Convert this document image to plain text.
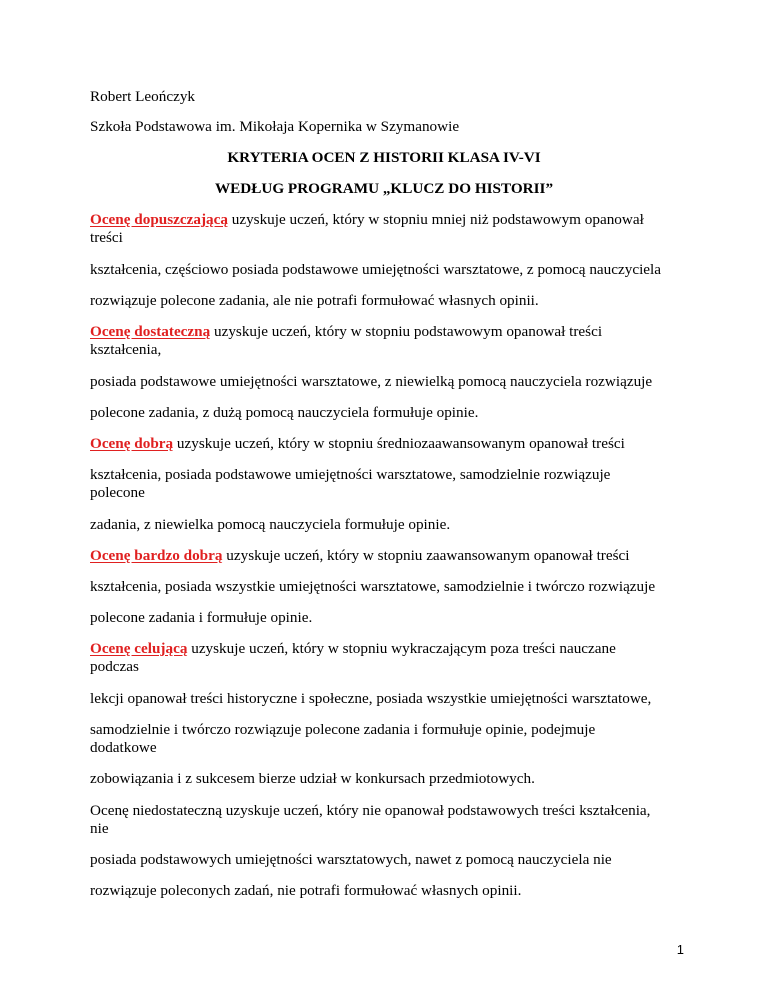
Robert Leończyk
Szkoła Podstawowa im. Mikołaja Kopernika w Szymanowie
KRYTERIA OCEN Z HISTORII KLASA IV-VI
WEDŁUG PROGRAMU „KLUCZ DO HISTORII”
Ocenę dopuszczającą uzyskuje uczeń, który w stopniu mniej niż podstawowym opanował
treści
kształcenia, częściowo posiada podstawowe umiejętności warsztatowe, z pomocą nauczyciela
rozwiązuje polecone zadania, ale nie potrafi formułować własnych opinii.
Ocenę dostateczną uzyskuje uczeń, który w stopniu podstawowym opanował treści
kształcenia,
posiada podstawowe umiejętności warsztatowe, z niewielką pomocą nauczyciela rozwiązuje
polecone zadania, z dużą pomocą nauczyciela formułuje opinie.
Ocenę dobrą uzyskuje uczeń, który w stopniu średniozaawansowanym opanował treści
kształcenia, posiada podstawowe umiejętności warsztatowe, samodzielnie rozwiązuje
polecone
zadania, z niewielka pomocą nauczyciela formułuje opinie.
Ocenę bardzo dobrą uzyskuje uczeń, który w stopniu zaawansowanym opanował treści
kształcenia, posiada wszystkie umiejętności warsztatowe, samodzielnie i twórczo rozwiązuje
polecone zadania i formułuje opinie.
Ocenę celującą uzyskuje uczeń, który w stopniu wykraczającym poza treści nauczane
podczas
lekcji opanował treści historyczne i społeczne, posiada wszystkie umiejętności warsztatowe,
samodzielnie i twórczo rozwiązuje polecone zadania i formułuje opinie, podejmuje
dodatkowe
zobowiązania i z sukcesem bierze udział w konkursach przedmiotowych.
Ocenę niedostateczną uzyskuje uczeń, który nie opanował podstawowych treści kształcenia,
nie
posiada podstawowych umiejętności warsztatowych, nawet z pomocą nauczyciela nie
rozwiązuje poleconych zadań, nie potrafi formułować własnych opinii.
1
